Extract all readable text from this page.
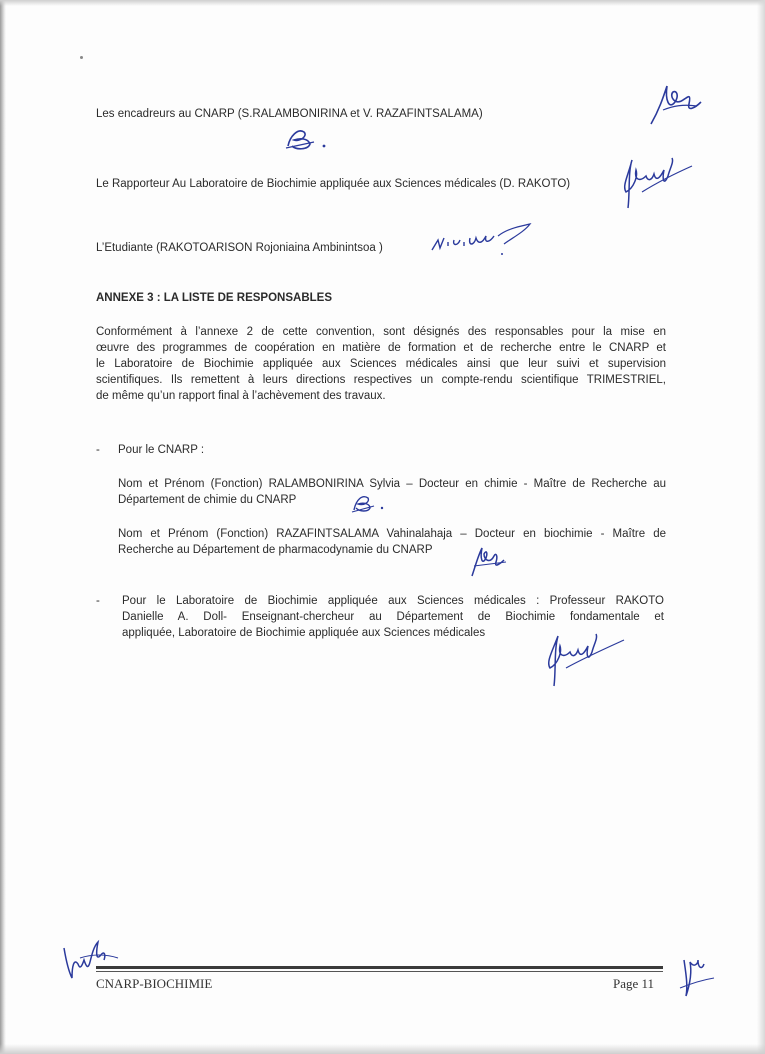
Les encadreurs au CNARP (S.RALAMBONIRINA et V. RAZAFINTSALAMA)
Le Rapporteur Au Laboratoire de Biochimie appliquée aux Sciences médicales (D. RAKOTO)
L’Etudiante (RAKOTOARISON Rojoniaina Ambinintsoa )
ANNEXE 3 : LA LISTE DE RESPONSABLES
Conformément à l’annexe 2 de cette convention, sont désignés des responsables pour la mise en
œuvre des programmes de coopération en matière de formation et de recherche entre le CNARP et
le Laboratoire de Biochimie appliquée aux Sciences médicales ainsi que leur suivi et supervision
scientifiques. Ils remettent à leurs directions respectives un compte-rendu scientifique TRIMESTRIEL,
de même qu’un rapport final à l’achèvement des travaux.
- Pour le CNARP :
Nom et Prénom (Fonction) RALAMBONIRINA Sylvia – Docteur en chimie - Maître de Recherche au
Département de chimie du CNARP
Nom et Prénom (Fonction) RAZAFINTSALAMA Vahinalahaja – Docteur en biochimie - Maître de
Recherche au Département de pharmacodynamie du CNARP
- Pour le Laboratoire de Biochimie appliquée aux Sciences médicales : Professeur RAKOTO
Danielle A. Doll- Enseignant-chercheur au Département de Biochimie fondamentale et
appliquée, Laboratoire de Biochimie appliquée aux Sciences médicales
CNARP-BIOCHIMIE	Page 11
